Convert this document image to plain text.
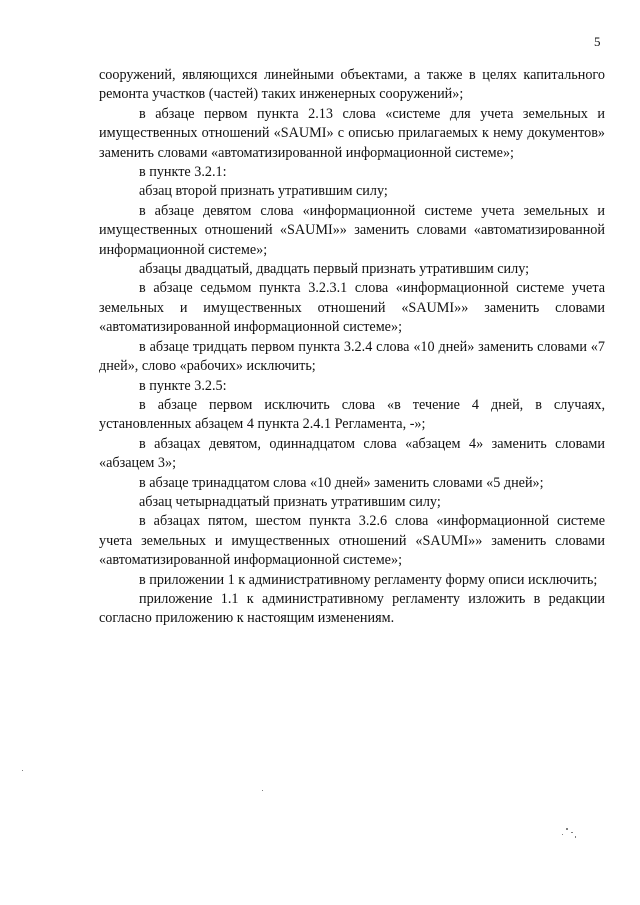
5

сооружений, являющихся линейными объектами, а также в целях капитального ремонта участков (частей) таких инженерных сооружений»;

в абзаце первом пункта 2.13 слова «системе для учета земельных и имущественных отношений «SAUMI» с описью прилагаемых к нему документов» заменить словами «автоматизированной информационной системе»;

в пункте 3.2.1:

абзац второй признать утратившим силу;

в абзаце девятом слова «информационной системе учета земельных и имущественных отношений «SAUMI»» заменить словами «автоматизированной информационной системе»;

абзацы двадцатый, двадцать первый признать утратившим силу;

в абзаце седьмом пункта 3.2.3.1 слова «информационной системе учета земельных и имущественных отношений «SAUMI»» заменить словами «автоматизированной информационной системе»;

в абзаце тридцать первом пункта 3.2.4 слова «10 дней» заменить словами «7 дней», слово «рабочих» исключить;

в пункте 3.2.5:

в абзаце первом исключить слова «в течение 4 дней, в случаях, установленных абзацем 4 пункта 2.4.1 Регламента, -»;

в абзацах девятом, одиннадцатом слова «абзацем 4» заменить словами «абзацем 3»;

в абзаце тринадцатом слова «10 дней» заменить словами «5 дней»;

абзац четырнадцатый признать утратившим силу;

в абзацах пятом, шестом пункта 3.2.6 слова «информационной системе учета земельных и имущественных отношений «SAUMI»» заменить словами «автоматизированной информационной системе»;

в приложении 1 к административному регламенту форму описи исключить;

приложение 1.1 к административному регламенту изложить в редакции согласно приложению к настоящим изменениям.
